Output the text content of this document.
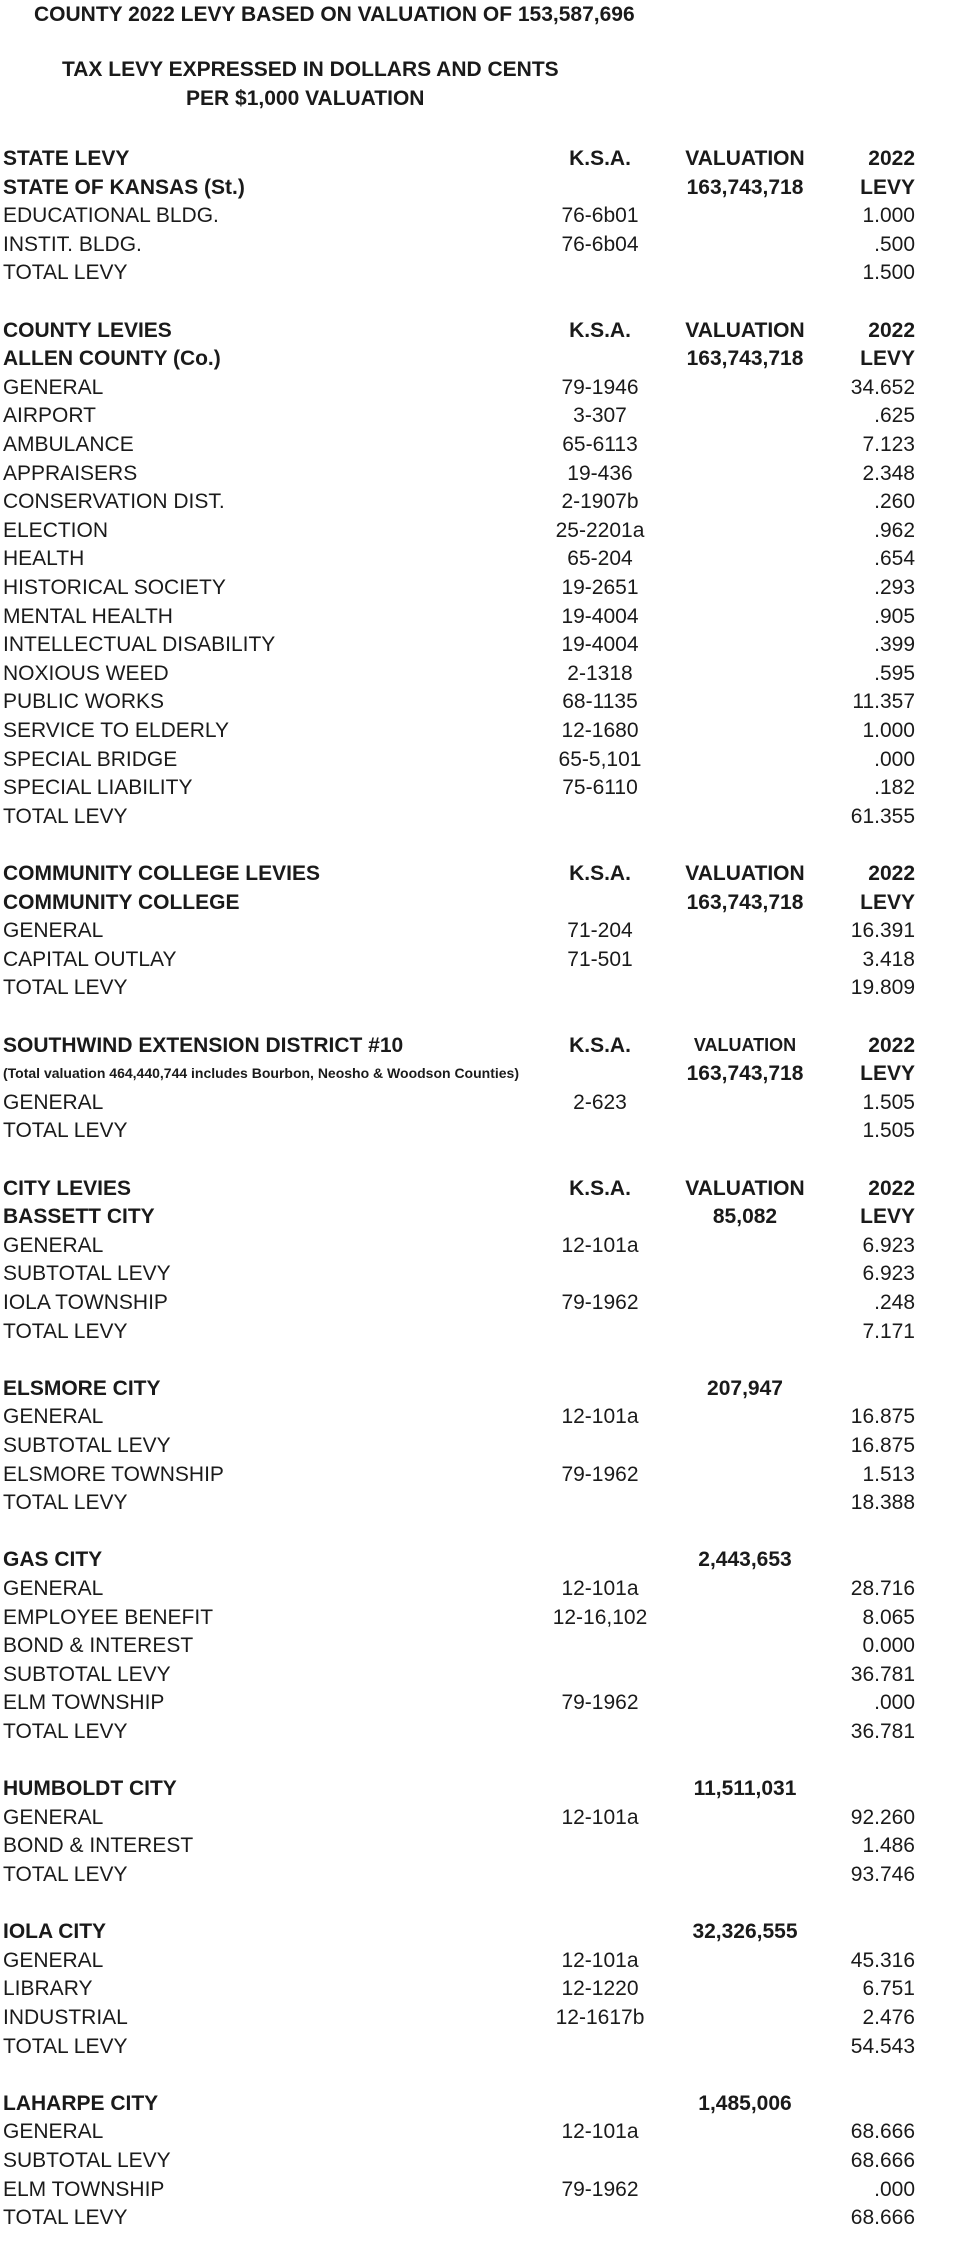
COUNTY 2022 LEVY BASED ON VALUATION OF 153,587,696
TAX LEVY EXPRESSED IN DOLLARS AND CENTS
PER $1,000 VALUATION
STATE LEVY	K.S.A.	VALUATION	2022
STATE OF KANSAS (St.)	163,743,718	LEVY
EDUCATIONAL BLDG.	76-6b01	1.000
INSTIT. BLDG.	76-6b04	.500
TOTAL LEVY	1.500
COUNTY LEVIES	K.S.A.	VALUATION	2022
ALLEN COUNTY (Co.)	163,743,718	LEVY
GENERAL	79-1946	34.652
AIRPORT	3-307	.625
AMBULANCE	65-6113	7.123
APPRAISERS	19-436	2.348
CONSERVATION DIST.	2-1907b	.260
ELECTION	25-2201a	.962
HEALTH	65-204	.654
HISTORICAL SOCIETY	19-2651	.293
MENTAL HEALTH	19-4004	.905
INTELLECTUAL DISABILITY	19-4004	.399
NOXIOUS WEED	2-1318	.595
PUBLIC WORKS	68-1135	11.357
SERVICE TO ELDERLY	12-1680	1.000
SPECIAL BRIDGE	65-5,101	.000
SPECIAL LIABILITY	75-6110	.182
TOTAL LEVY	61.355
COMMUNITY COLLEGE LEVIES	K.S.A.	VALUATION	2022
COMMUNITY COLLEGE	163,743,718	LEVY
GENERAL	71-204	16.391
CAPITAL OUTLAY	71-501	3.418
TOTAL LEVY	19.809
SOUTHWIND EXTENSION DISTRICT #10	K.S.A.	VALUATION	2022
(Total valuation 464,440,744 includes Bourbon, Neosho & Woodson Counties)	163,743,718	LEVY
GENERAL	2-623	1.505
TOTAL LEVY	1.505
CITY LEVIES	K.S.A.	VALUATION	2022
BASSETT CITY	85,082	LEVY
GENERAL	12-101a	6.923
SUBTOTAL LEVY	6.923
IOLA TOWNSHIP	79-1962	.248
TOTAL LEVY	7.171
ELSMORE CITY	207,947
GENERAL	12-101a	16.875
SUBTOTAL LEVY	16.875
ELSMORE TOWNSHIP	79-1962	1.513
TOTAL LEVY	18.388
GAS CITY	2,443,653
GENERAL	12-101a	28.716
EMPLOYEE BENEFIT	12-16,102	8.065
BOND & INTEREST	0.000
SUBTOTAL LEVY	36.781
ELM TOWNSHIP	79-1962	.000
TOTAL LEVY	36.781
HUMBOLDT CITY	11,511,031
GENERAL	12-101a	92.260
BOND & INTEREST	1.486
TOTAL LEVY	93.746
IOLA CITY	32,326,555
GENERAL	12-101a	45.316
LIBRARY	12-1220	6.751
INDUSTRIAL	12-1617b	2.476
TOTAL LEVY	54.543
LAHARPE CITY	1,485,006
GENERAL	12-101a	68.666
SUBTOTAL LEVY	68.666
ELM TOWNSHIP	79-1962	.000
TOTAL LEVY	68.666
